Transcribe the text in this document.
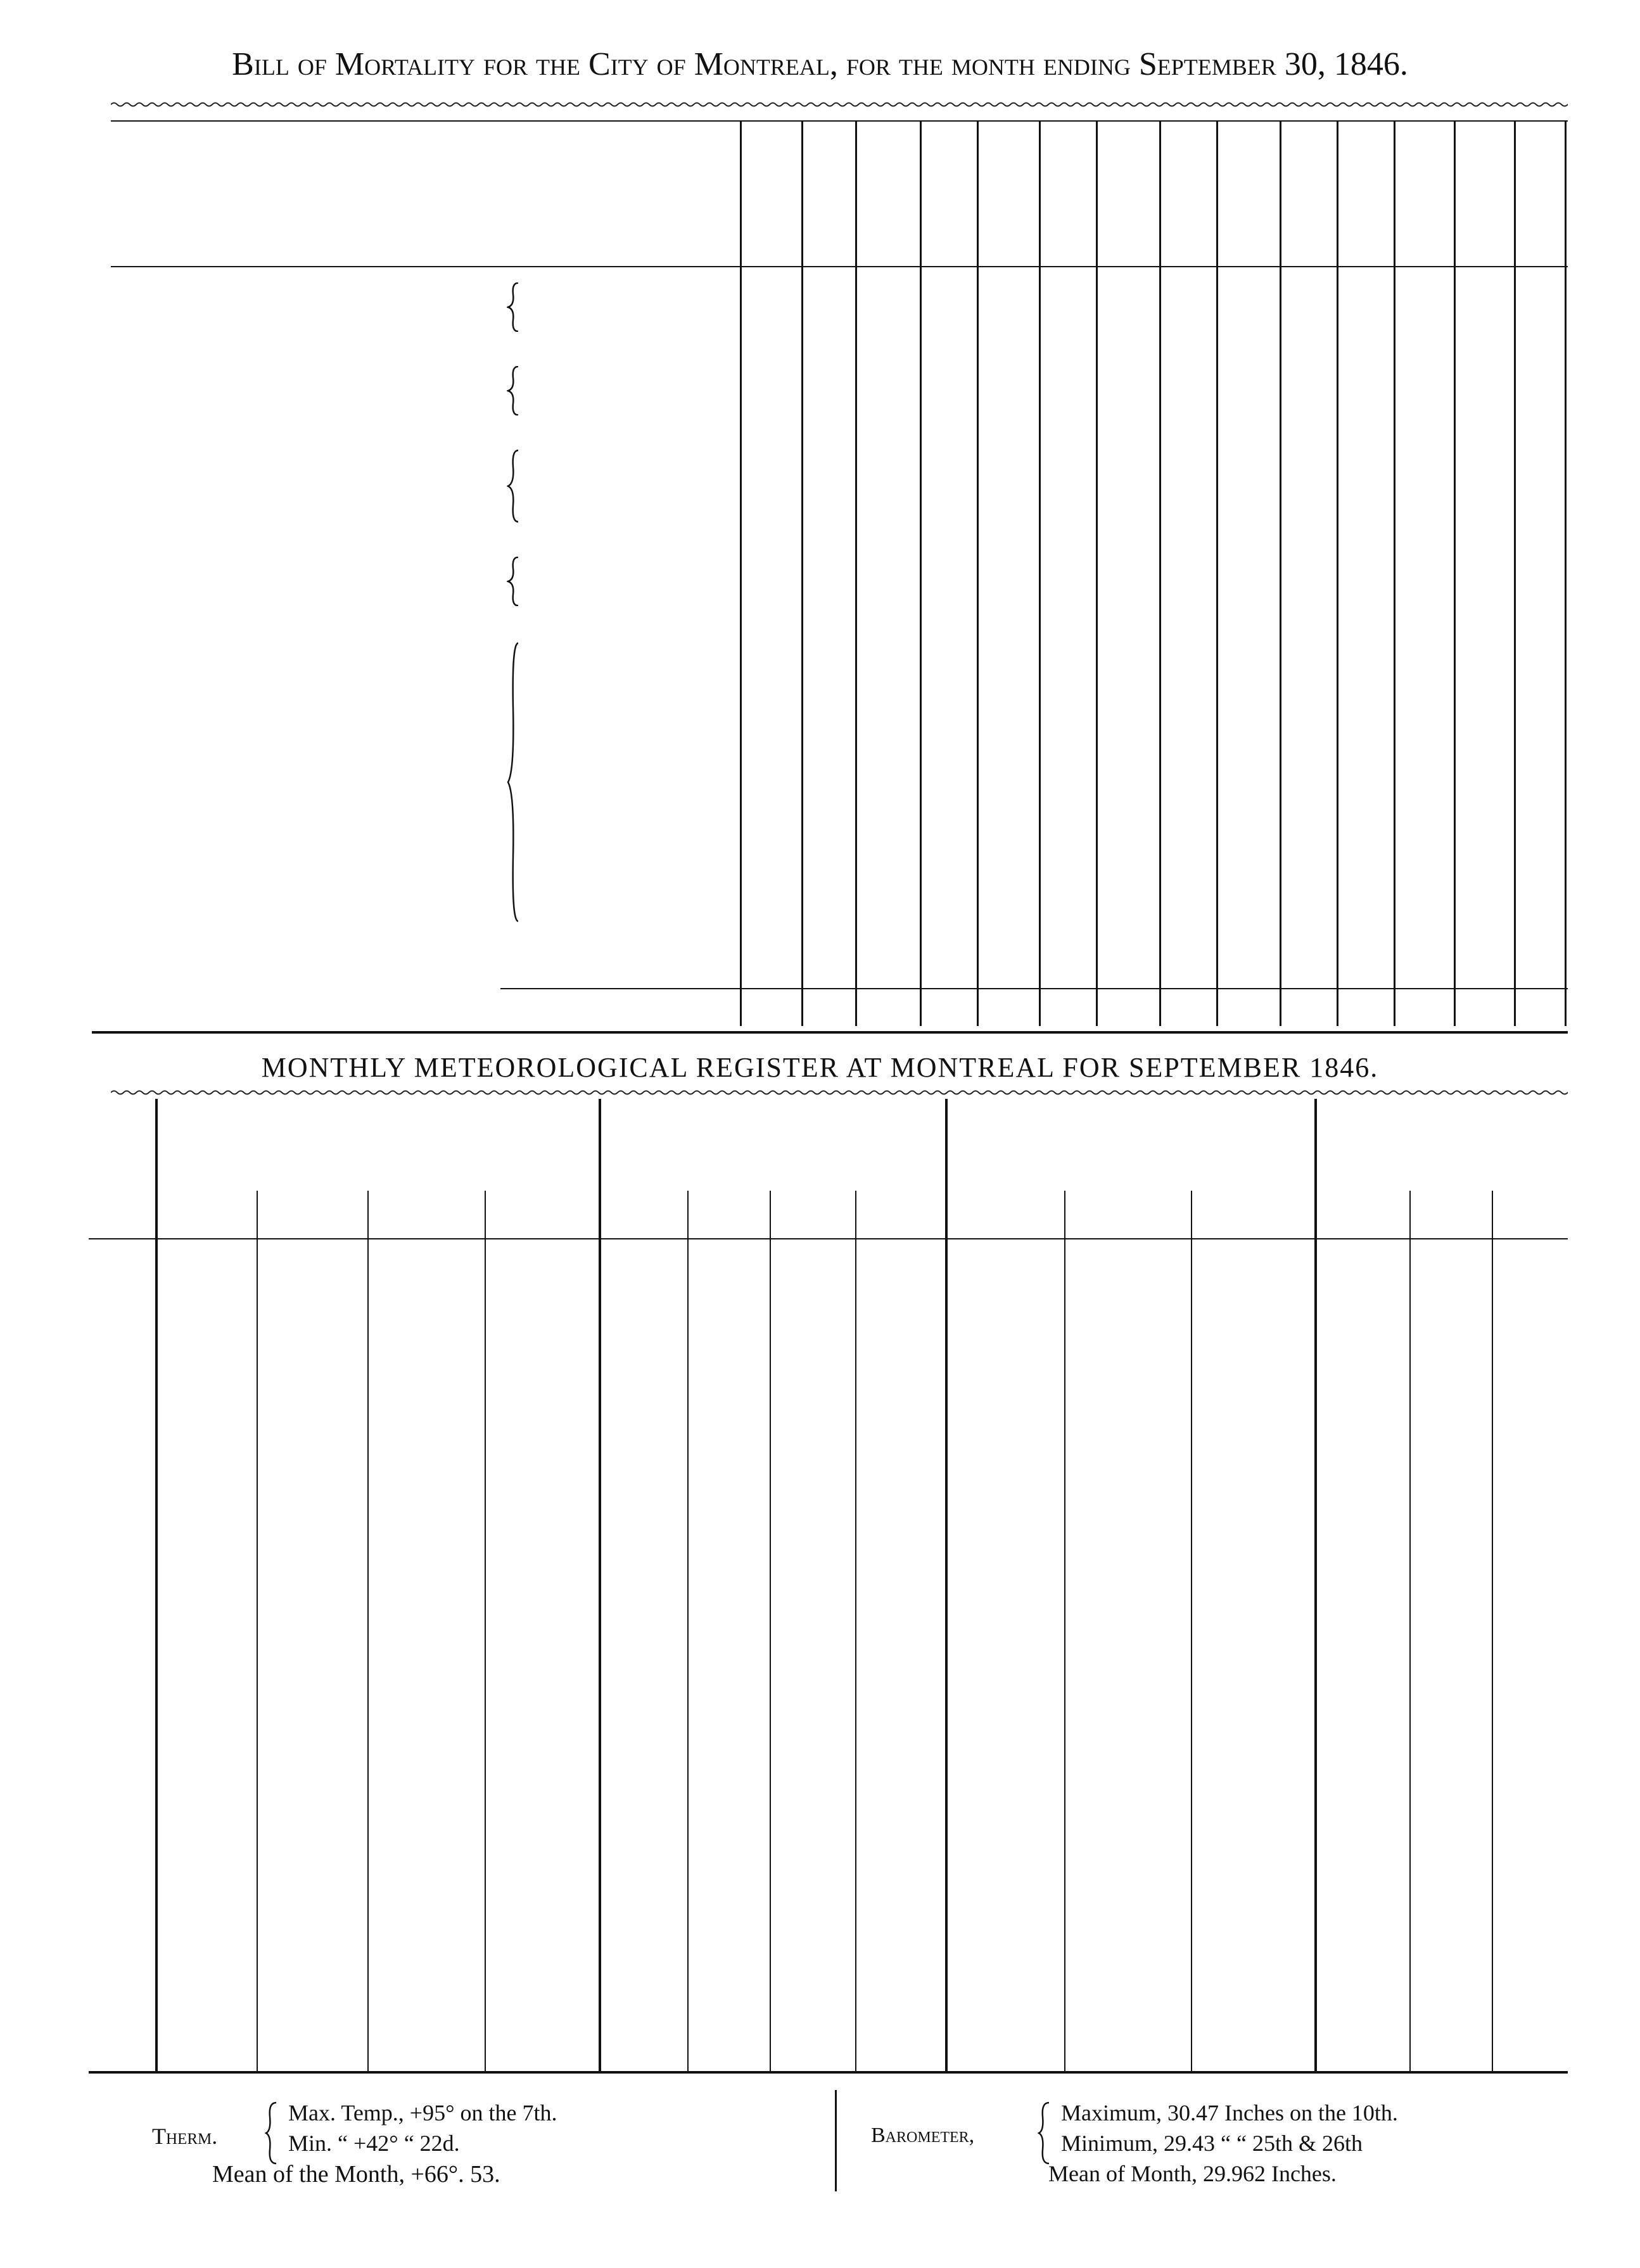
Bill of Mortality for the City of Montreal, for the month ending September 30, 1846.
MONTHLY METEOROLOGICAL REGISTER AT MONTREAL FOR SEPTEMBER 1846.
Therm.
Max. Temp., +95° on the 7th.
Min. “ +42° “ 22d.
Mean of the Month, +66°. 53.
Barometer,
Maximum, 30.47 Inches on the 10th.
Minimum, 29.43 “ “ 25th & 26th
Mean of Month, 29.962 Inches.
